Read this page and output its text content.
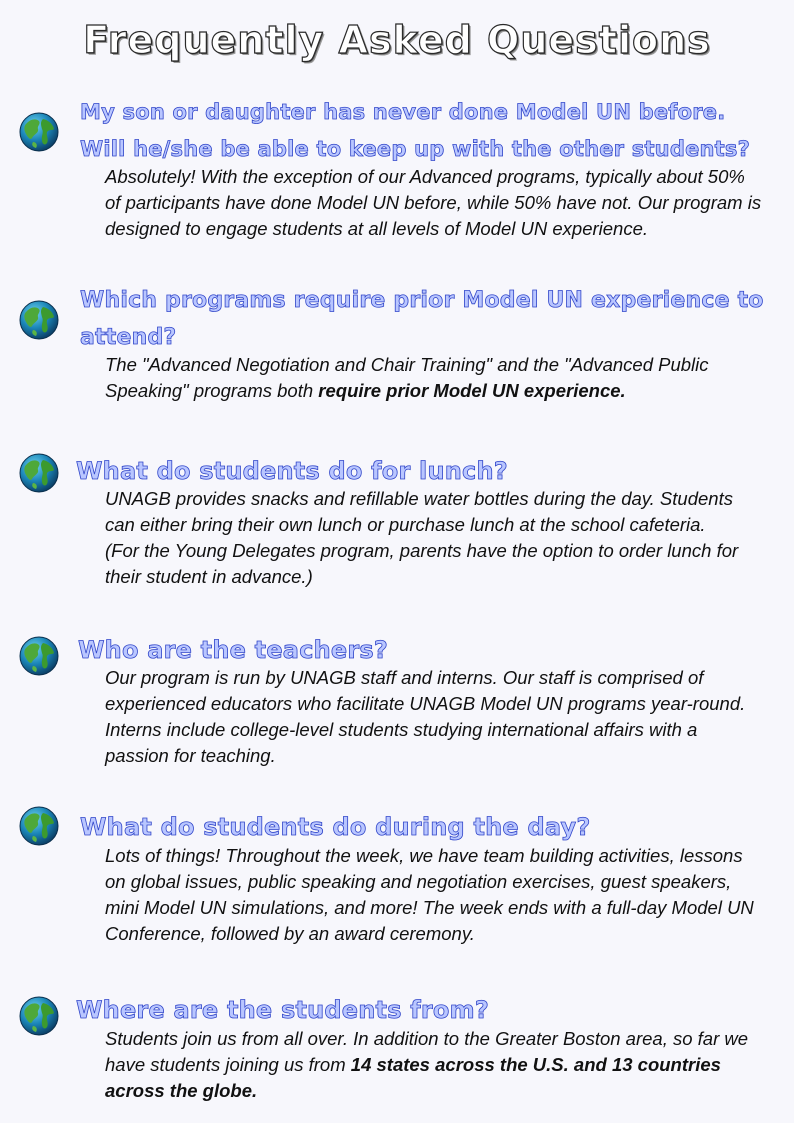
Frequently Asked Questions
My son or daughter has never done Model UN before.
Will he/she be able to keep up with the other students?

Absolutely! With the exception of our Advanced programs, typically about 50%

of participants have done Model UN before, while 50% have not. Our program is

designed to engage students at all levels of Model UN experience.

Which programs require prior Model UN experience to
attend?

The "Advanced Negotiation and Chair Training" and the "Advanced Public

Speaking" programs both require prior Model UN experience.

What do students do for lunch?

UNAGB provides snacks and refillable water bottles during the day. Students

can either bring their own lunch or purchase lunch at the school cafeteria.

(For the Young Delegates program, parents have the option to order lunch for

their student in advance.)

Who are the teachers?

Our program is run by UNAGB staff and interns. Our staff is comprised of

experienced educators who facilitate UNAGB Model UN programs year-round.

Interns include college-level students studying international affairs with a

passion for teaching.

What do students do during the day?

Lots of things! Throughout the week, we have team building activities, lessons

on global issues, public speaking and negotiation exercises, guest speakers,

mini Model UN simulations, and more! The week ends with a full-day Model UN

Conference, followed by an award ceremony.

Where are the students from?

Students join us from all over. In addition to the Greater Boston area, so far we

have students joining us from 14 states across the U.S. and 13 countries

across the globe.
